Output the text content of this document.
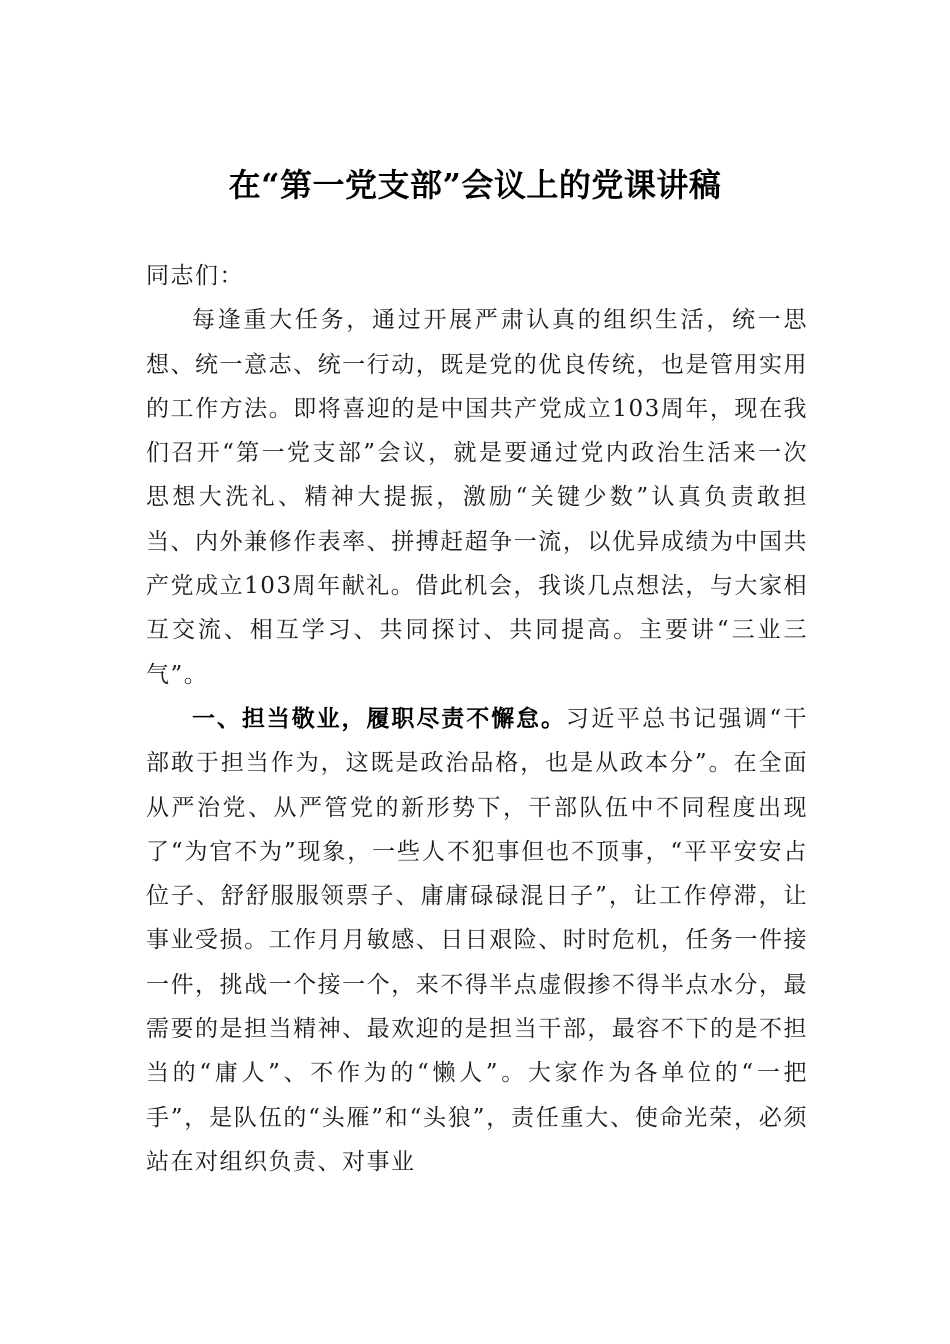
在“第一党支部”会议上的党课讲稿

同志们：

每逢重大任务，通过开展严肃认真的组织生活，统一思想、统一意志、统一行动，既是党的优良传统，也是管用实用的工作方法。即将喜迎的是中国共产党成立103周年，现在我们召开“第一党支部”会议，就是要通过党内政治生活来一次思想大洗礼、精神大提振，激励“关键少数”认真负责敢担当、内外兼修作表率、拼搏赶超争一流，以优异成绩为中国共产党成立103周年献礼。借此机会，我谈几点想法，与大家相互交流、相互学习、共同探讨、共同提高。主要讲“三业三气”。

一、担当敬业，履职尽责不懈怠。习近平总书记强调“干部敢于担当作为，这既是政治品格，也是从政本分”。在全面从严治党、从严管党的新形势下，干部队伍中不同程度出现了“为官不为”现象，一些人不犯事但也不顶事，“平平安安占位子、舒舒服服领票子、庸庸碌碌混日子”，让工作停滞，让事业受损。工作月月敏感、日日艰险、时时危机，任务一件接一件，挑战一个接一个，来不得半点虚假掺不得半点水分，最需要的是担当精神、最欢迎的是担当干部，最容不下的是不担当的“庸人”、不作为的“懒人”。大家作为各单位的“一把手”，是队伍的“头雁”和“头狼”，责任重大、使命光荣，必须站在对组织负责、对事业
